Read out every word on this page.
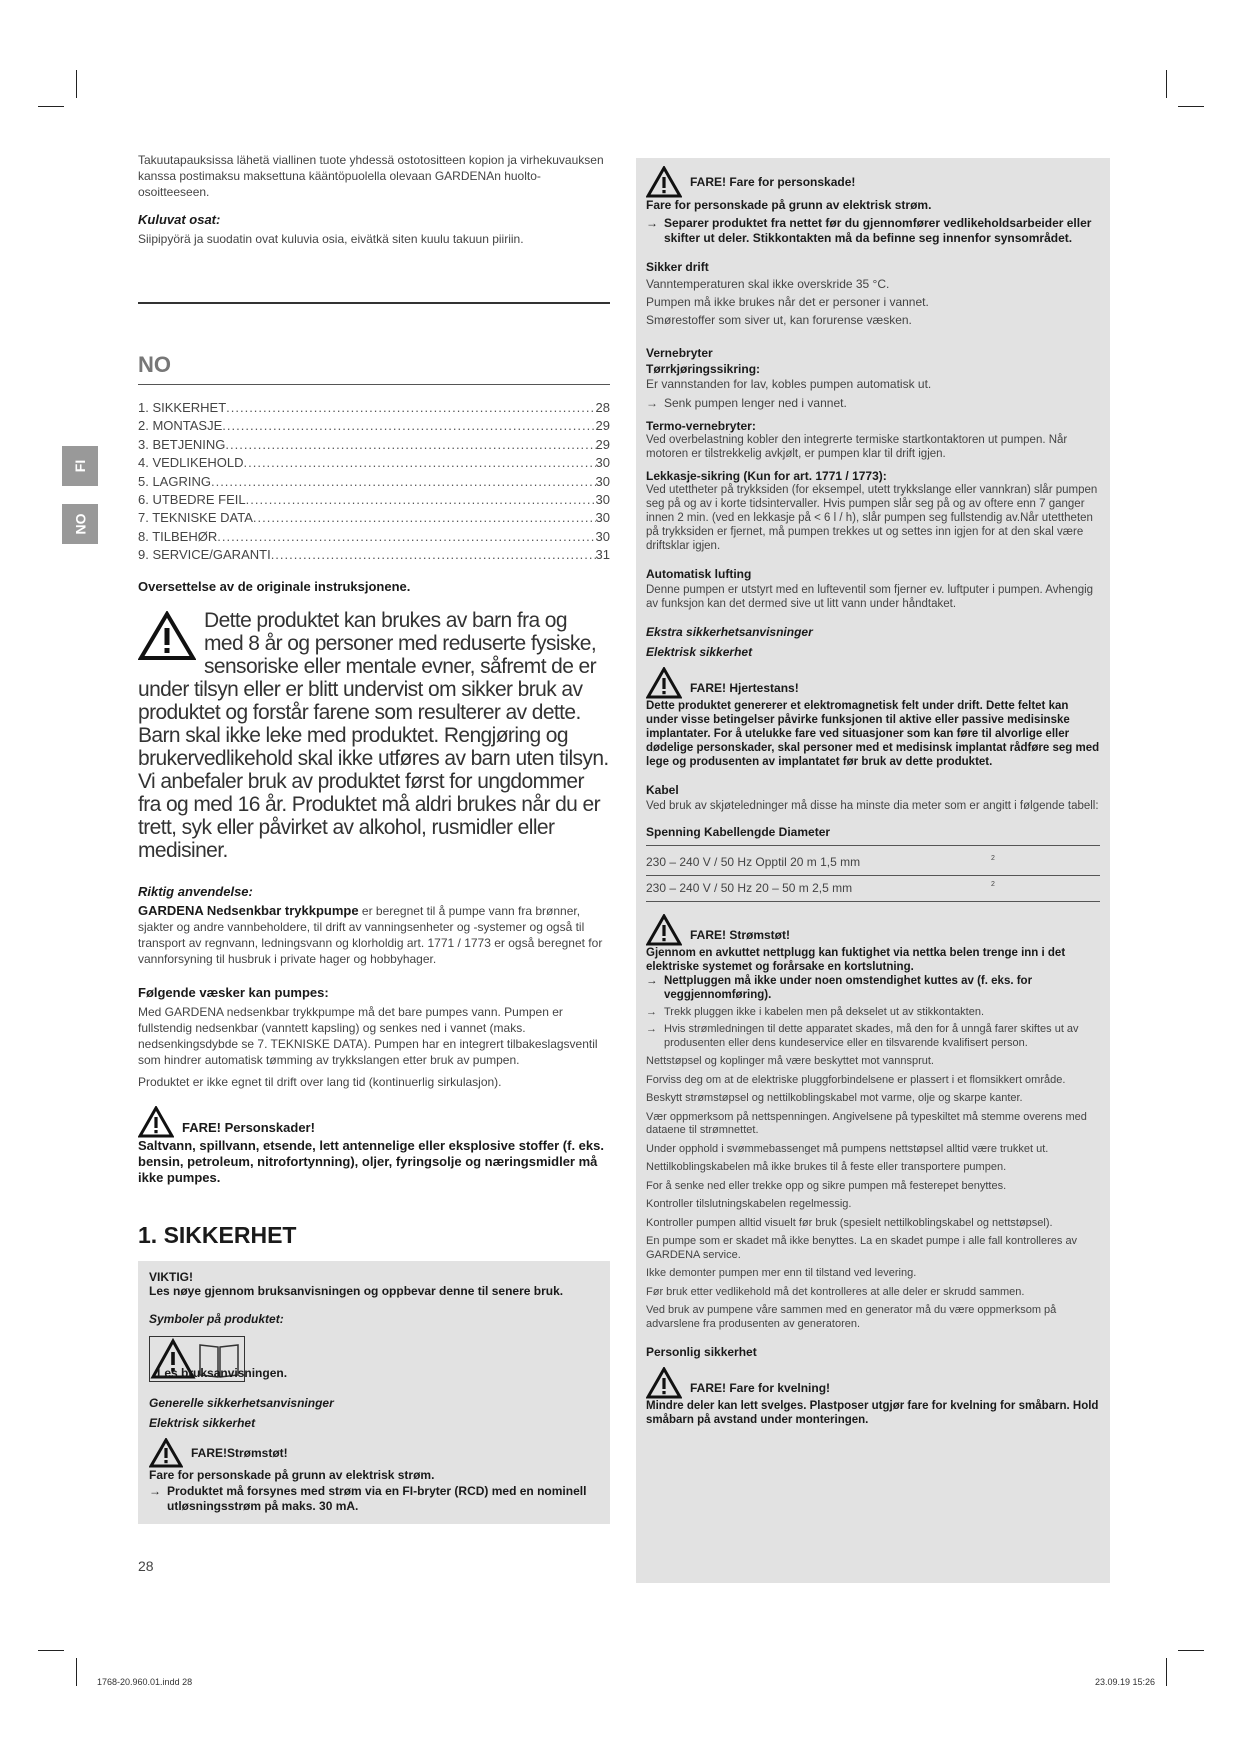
FI
NO

Takuutapauksissa lähetä viallinen tuote yhdessä ostotositteen kopion ja virhekuvauksen kanssa postimaksu maksettuna kääntöpuolella olevaan GARDENAn huolto-osoitteeseen.

Kuluvat osat:

Siipipyörä ja suodatin ovat kuluvia osia, eivätkä siten kuulu takuun piiriin.

NO
1. SIKKERHET .....	28
2. MONTASJE .....	29
3. BETJENING .....	29
4. VEDLIKEHOLD .....	30
5. LAGRING .....	30
6. UTBEDRE FEIL .....	30
7. TEKNISKE DATA .....	30
8. TILBEHØR .....	30
9. SERVICE/GARANTI .....	31
Oversettelse av de originale instruksjonene.

Dette produktet kan brukes av barn fra og med 8 år og personer med reduserte fysiske, sensoriske eller mentale evner, såfremt de er under tilsyn eller er blitt undervist om sikker bruk av produktet og forstår farene som resulterer av dette. Barn skal ikke leke med produktet. Rengjøring og brukervedlikehold skal ikke utføres av barn uten tilsyn. Vi anbefaler bruk av produktet først for ungdommer fra og med 16 år. Produktet må aldri brukes når du er trett, syk eller påvirket av alkohol, rusmidler eller medisiner.

Riktig anvendelse:

GARDENA Nedsenkbar trykkpumpe er beregnet til å pumpe vann fra brønner, sjakter og andre vannbeholdere, til drift av vanningsenheter og -systemer og også til transport av regnvann, ledningsvann og klorholdig art. 1771 / 1773 er også beregnet for vannforsyning til husbruk i private hager og hobbyhager.

Følgende væsker kan pumpes:

Med GARDENA nedsenkbar trykkpumpe må det bare pumpes vann. Pumpen er fullstendig nedsenkbar (vanntett kapsling) og senkes ned i vannet (maks. nedsenkingsdybde se 7. TEKNISKE DATA). Pumpen har en integrert tilbakeslagsventil som hindrer automatisk tømming av trykkslangen etter bruk av pumpen.

Produktet er ikke egnet til drift over lang tid (kontinuerlig sirkulasjon).

FARE! Personskader!

Saltvann, spillvann, etsende, lett antennelige eller eksplosive stoffer (f. eks. bensin, petroleum, nitrofortynning), oljer, fyringsolje og næringsmidler må ikke pumpes.

1. SIKKERHET
VIKTIG!
Les nøye gjennom bruksanvisningen og oppbevar denne til senere bruk.
Symboler på produktet:
Les bruksanvisningen.
Generelle sikkerhetsanvisninger
Elektrisk sikkerhet
FARE!Strømstøt!
Fare for personskade på grunn av elektrisk strøm.
→ Produktet må forsynes med strøm via en FI-bryter (RCD) med en nominell utløsningsstrøm på maks. 30 mA.
28
FARE! Fare for personskade!
Fare for personskade på grunn av elektrisk strøm.
→ Separer produktet fra nettet før du gjennomfører vedlikeholdsarbeider eller skifter ut deler. Stikkontakten må da befinne seg innenfor synsområdet.
Sikker drift

Vanntemperaturen skal ikke overskride 35 °C.

Pumpen må ikke brukes når det er personer i vannet.

Smørestoffer som siver ut, kan forurense væsken.

Vernebryter
Tørrkjøringssikring:

Er vannstanden for lav, kobles pumpen automatisk ut.

→ Senk pumpen lenger ned i vannet.
Termo-vernebryter:

Ved overbelastning kobler den integrerte termiske startkontaktoren ut pumpen. Når motoren er tilstrekkelig avkjølt, er pumpen klar til drift igjen.

Lekkasje-sikring (Kun for art. 1771 / 1773):

Ved utettheter på trykksiden (for eksempel, utett trykkslange eller vannkran) slår pumpen seg på og av i korte tidsintervaller. Hvis pumpen slår seg på og av oftere enn 7 ganger innen 2 min. (ved en lekkasje på < 6 l / h), slår pumpen seg fullstendig av.Når utettheten på trykksiden er fjernet, må pumpen trekkes ut og settes inn igjen for at den skal være driftsklar igjen.

Automatisk lufting

Denne pumpen er utstyrt med en lufteventil som fjerner ev. luftputer i pumpen. Avhengig av funksjon kan det dermed sive ut litt vann under håndtaket.

Ekstra sikkerhetsanvisninger
Elektrisk sikkerhet
FARE! Hjertestans!

Dette produktet genererer et elektromagnetisk felt under drift. Dette feltet kan under visse betingelser påvirke funksjonen til aktive eller passive medisinske implantater. For å utelukke fare ved situasjoner som kan føre til alvorlige eller dødelige personskader, skal personer med et medisinsk implantat rådføre seg med lege og produsenten av implantatet før bruk av dette produktet.

Kabel

Ved bruk av skjøteledninger må disse ha minste dia meter som er angitt i følgende tabell:

Spenning Kabellengde Diameter
230 – 240 V / 50 Hz Opptil 20 m 1,5 mm	2
230 – 240 V / 50 Hz 20 – 50 m 2,5 mm	2
FARE! Strømstøt!

Gjennom en avkuttet nettplugg kan fuktighet via nettka belen trenge inn i det elektriske systemet og forårsake en kortslutning.

→ Nettpluggen må ikke under noen omstendighet kuttes av (f. eks. for veggjennomføring).
→ Trekk pluggen ikke i kabelen men på dekselet ut av stikkontakten.
→ Hvis strømledningen til dette apparatet skades, må den for å unngå farer skiftes ut av produsenten eller dens kundeservice eller en tilsvarende kvalifisert person.

Nettstøpsel og koplinger må være beskyttet mot vannsprut.

Forviss deg om at de elektriske pluggforbindelsene er plassert i et flomsikkert område.

Beskytt strømstøpsel og nettilkoblingskabel mot varme, olje og skarpe kanter.

Vær oppmerksom på nettspenningen. Angivelsene på typeskiltet må stemme overens med dataene til strømnettet.

Under opphold i svømmebassenget må pumpens nettstøpsel alltid være trukket ut.

Nettilkoblingskabelen må ikke brukes til å feste eller transportere pumpen.

For å senke ned eller trekke opp og sikre pumpen må festerepet benyttes.

Kontroller tilslutningskabelen regelmessig.

Kontroller pumpen alltid visuelt før bruk (spesielt nettilkoblingskabel og nettstøpsel).

En pumpe som er skadet må ikke benyttes. La en skadet pumpe i alle fall kontrolleres av GARDENA service.

Ikke demonter pumpen mer enn til tilstand ved levering.

Før bruk etter vedlikehold må det kontrolleres at alle deler er skrudd sammen.

Ved bruk av pumpene våre sammen med en generator må du være oppmerksom på advarslene fra produsenten av generatoren.

Personlig sikkerhet
FARE! Fare for kvelning!

Mindre deler kan lett svelges. Plastposer utgjør fare for kvelning for småbarn. Hold småbarn på avstand under monteringen.

1768-20.960.01.indd 28	23.09.19 15:26
